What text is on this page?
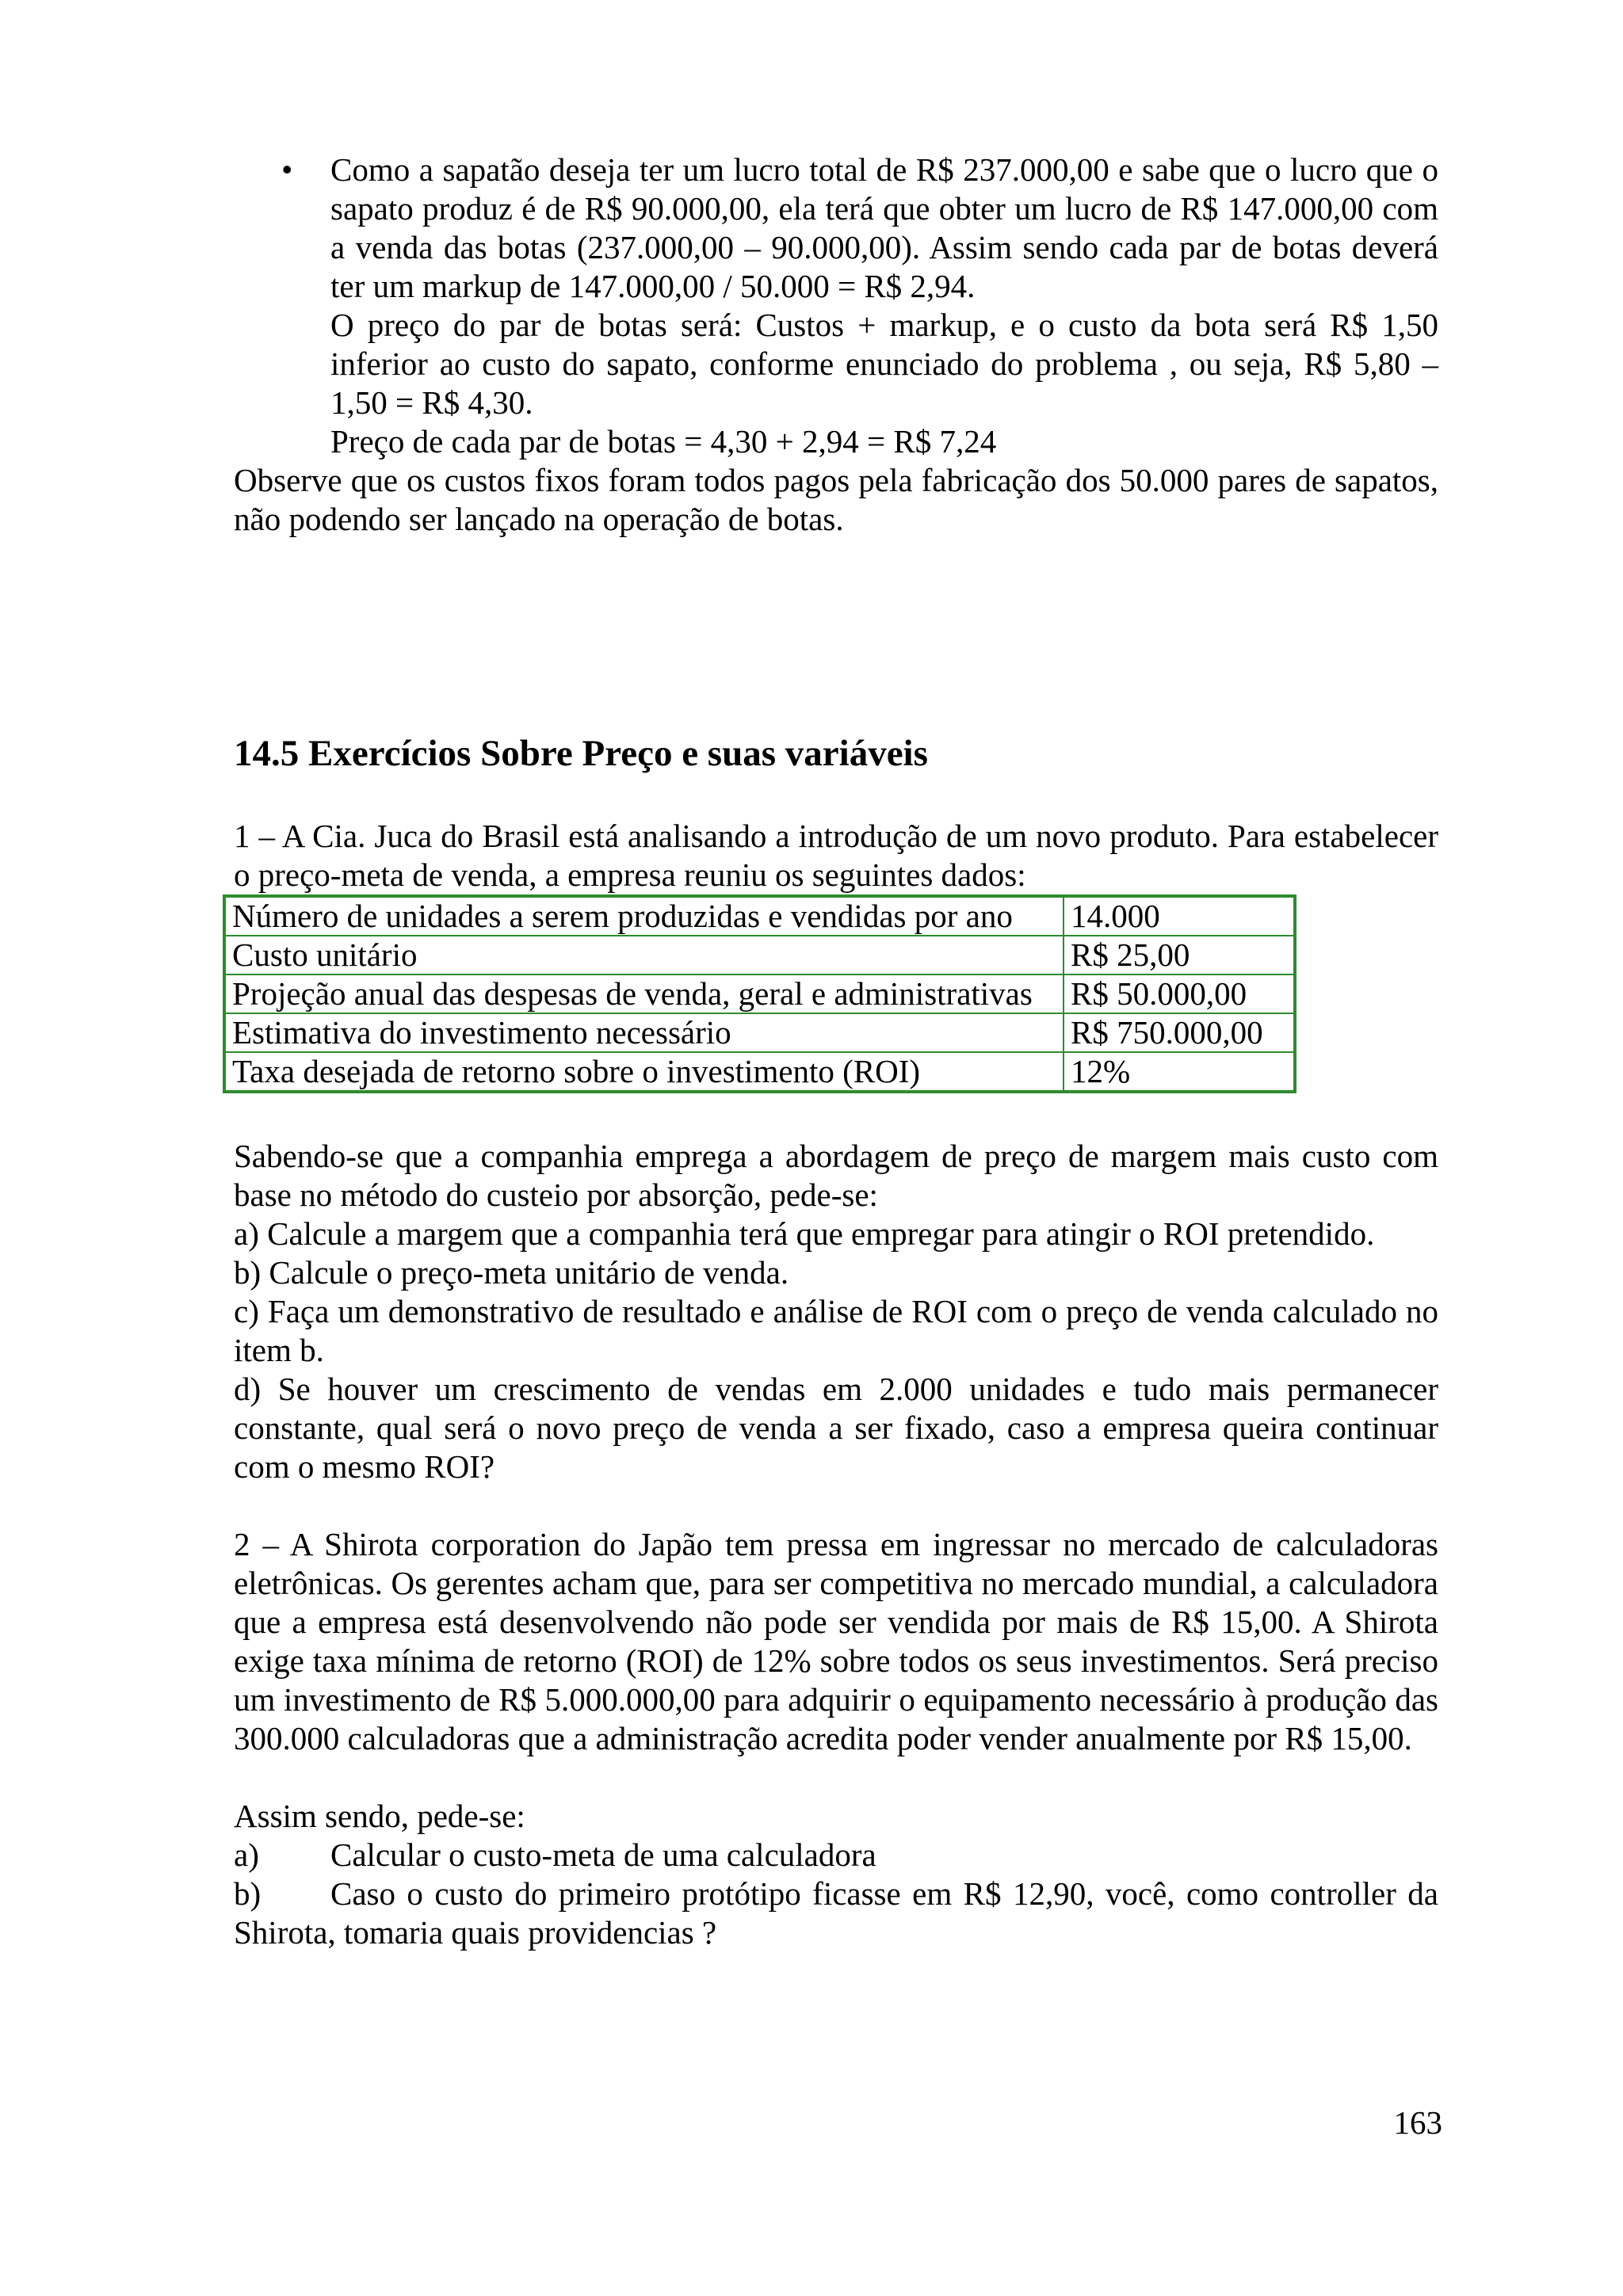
• Como a sapatão deseja ter um lucro total de R$ 237.000,00 e sabe que o lucro que o sapato produz é de R$ 90.000,00, ela terá que obter um lucro de R$ 147.000,00 com a venda das botas (237.000,00 – 90.000,00). Assim sendo cada par de botas deverá ter um markup de 147.000,00 / 50.000 = R$ 2,94.

O preço do par de botas será: Custos + markup, e o custo da bota será R$ 1,50 inferior ao custo do sapato, conforme enunciado do problema , ou seja, R$ 5,80 – 1,50 = R$ 4,30.

Preço de cada par de botas = 4,30 + 2,94 = R$ 7,24

Observe que os custos fixos foram todos pagos pela fabricação dos 50.000 pares de sapatos, não podendo ser lançado na operação de botas.

14.5 Exercícios Sobre Preço e suas variáveis

1 – A Cia. Juca do Brasil está analisando a introdução de um novo produto. Para estabelecer o preço-meta de venda, a empresa reuniu os seguintes dados:

Número de unidades a serem produzidas e vendidas por ano	14.000
Custo unitário	R$ 25,00
Projeção anual das despesas de venda, geral e administrativas	R$ 50.000,00
Estimativa do investimento necessário	R$ 750.000,00
Taxa desejada de retorno sobre o investimento (ROI)	12%

Sabendo-se que a companhia emprega a abordagem de preço de margem mais custo com base no método do custeio por absorção, pede-se:

a) Calcule a margem que a companhia terá que empregar para atingir o ROI pretendido.

b) Calcule o preço-meta unitário de venda.

c) Faça um demonstrativo de resultado e análise de ROI com o preço de venda calculado no item b.

d) Se houver um crescimento de vendas em 2.000 unidades e tudo mais permanecer constante, qual será o novo preço de venda a ser fixado, caso a empresa queira continuar com o mesmo ROI?

2 – A Shirota corporation do Japão tem pressa em ingressar no mercado de calculadoras eletrônicas. Os gerentes acham que, para ser competitiva no mercado mundial, a calculadora que a empresa está desenvolvendo não pode ser vendida por mais de R$ 15,00. A Shirota exige taxa mínima de retorno (ROI) de 12% sobre todos os seus investimentos. Será preciso um investimento de R$ 5.000.000,00 para adquirir o equipamento necessário à produção das 300.000 calculadoras que a administração acredita poder vender anualmente por R$ 15,00.

Assim sendo, pede-se:

a) Calcular o custo-meta de uma calculadora

b) Caso o custo do primeiro protótipo ficasse em R$ 12,90, você, como controller da Shirota, tomaria quais providencias ?

163
